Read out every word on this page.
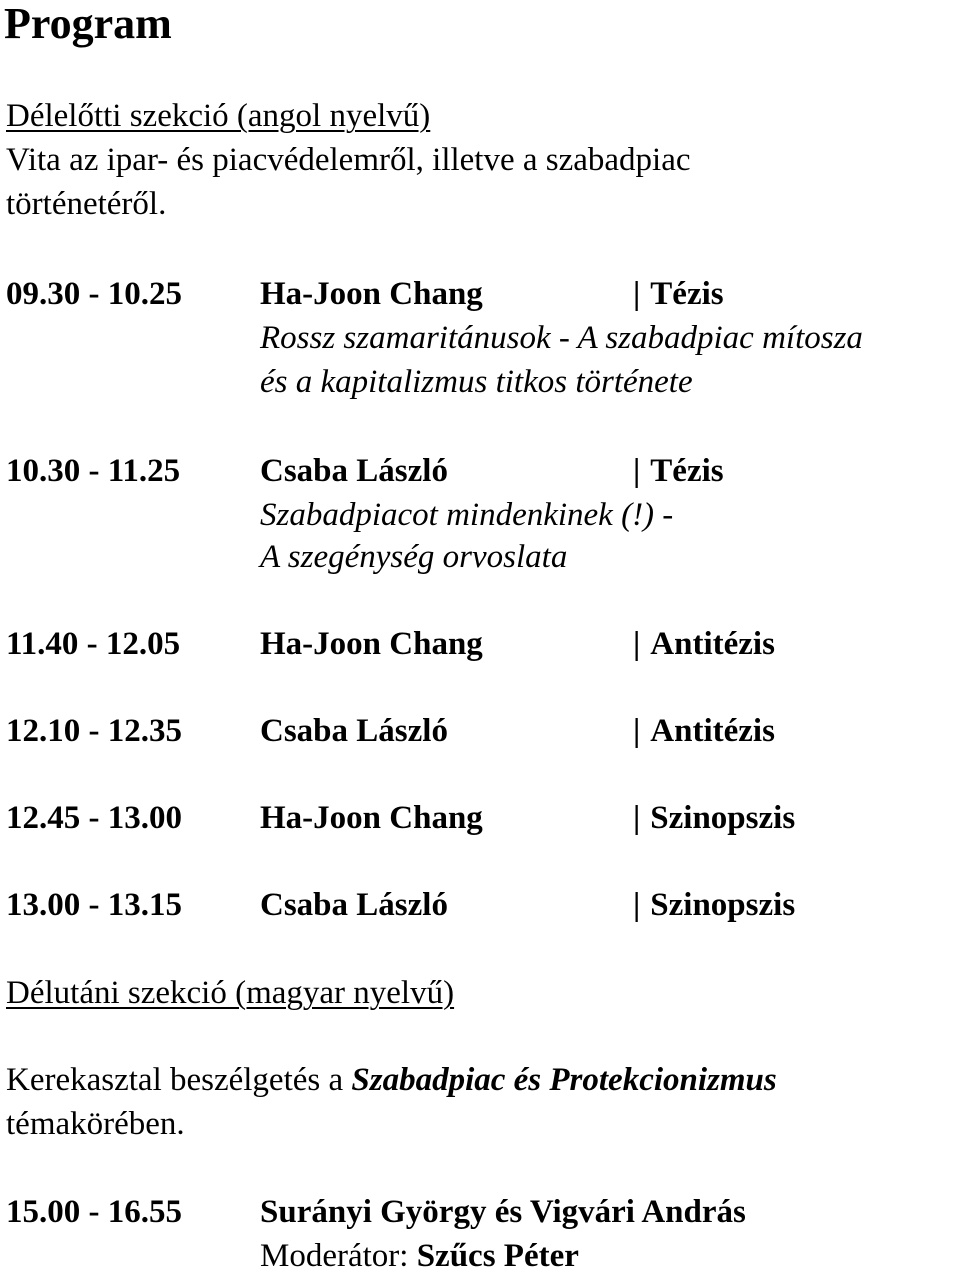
Program
Délelőtti szekció (angol nyelvű)
Vita az ipar- és piacvédelemről, illetve a szabadpiac
történetéről.
09.30 - 10.25 Ha-Joon Chang	| Tézis
Rossz szamaritánusok - A szabadpiac mítosza
és a kapitalizmus titkos története
10.30 - 11.25 Csaba László	| Tézis
Szabadpiacot mindenkinek (!) -
A szegénység orvoslata
11.40 - 12.05 Ha-Joon Chang	| Antitézis
12.10 - 12.35 Csaba László	| Antitézis
12.45 - 13.00 Ha-Joon Chang	| Szinopszis
13.00 - 13.15 Csaba László	| Szinopszis
Délutáni szekció (magyar nyelvű)
Kerekasztal beszélgetés a Szabadpiac és Protekcionizmus
témakörében.
15.00 - 16.55 Surányi György és Vigvári András
Moderátor: Szűcs Péter
